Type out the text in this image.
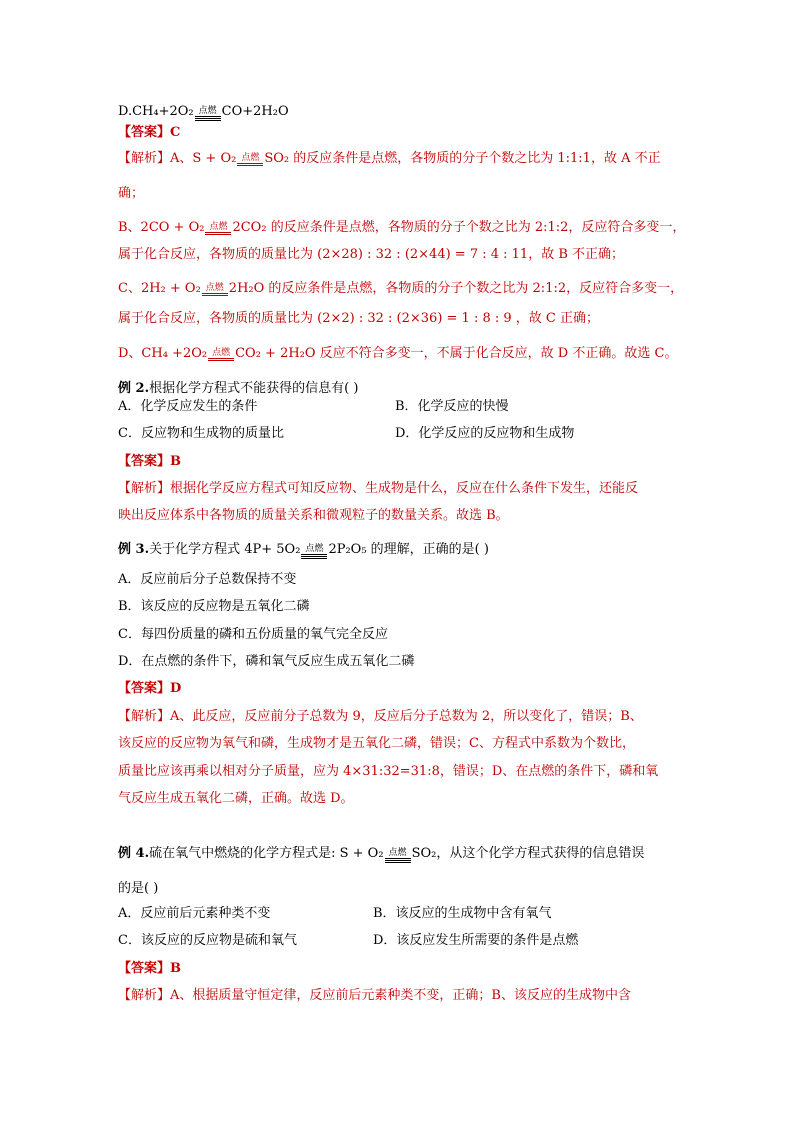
D.CH₄+2O₂ 点燃 CO+2H₂O
【答案】C
【解析】A、S + O₂ 点燃 SO₂ 的反应条件是点燃，各物质的分子个数之比为 1:1:1，故 A 不正
确；
B、2CO + O₂ 点燃 2CO₂ 的反应条件是点燃，各物质的分子个数之比为 2:1:2，反应符合多变一，
属于化合反应，各物质的质量比为 (2×28) : 32 : (2×44) = 7 : 4 : 11，故 B 不正确；
C、2H₂ + O₂ 点燃 2H₂O 的反应条件是点燃，各物质的分子个数之比为 2:1:2，反应符合多变一，
属于化合反应，各物质的质量比为 (2×2) : 32 : (2×36) = 1 : 8 : 9 ，故 C 正确；
D、CH₄ +2O₂ 点燃 CO₂ + 2H₂O 反应不符合多变一，不属于化合反应，故 D 不正确。故选 C。
例 2.根据化学方程式不能获得的信息有( )
A．化学反应发生的条件	B．化学反应的快慢
C．反应物和生成物的质量比	D．化学反应的反应物和生成物
【答案】B
【解析】根据化学反应方程式可知反应物、生成物是什么，反应在什么条件下发生，还能反
映出反应体系中各物质的质量关系和微观粒子的数量关系。故选 B。
例 3.关于化学方程式 4P+ 5O₂ 点燃 2P₂O₅ 的理解，正确的是( )
A．反应前后分子总数保持不变
B．该反应的反应物是五氧化二磷
C．每四份质量的磷和五份质量的氧气完全反应
D．在点燃的条件下，磷和氧气反应生成五氧化二磷
【答案】D
【解析】A、此反应，反应前分子总数为 9，反应后分子总数为 2，所以变化了，错误；B、
该反应的反应物为氧气和磷，生成物才是五氧化二磷，错误；C、方程式中系数为个数比，
质量比应该再乘以相对分子质量，应为 4×31:32=31:8，错误；D、在点燃的条件下，磷和氧
气反应生成五氧化二磷，正确。故选 D。
例 4.硫在氧气中燃烧的化学方程式是: S + O₂ 点燃 SO₂，从这个化学方程式获得的信息错误
的是( )
A．反应前后元素种类不变	B．该反应的生成物中含有氧气
C．该反应的反应物是硫和氧气	D．该反应发生所需要的条件是点燃
【答案】B
【解析】A、根据质量守恒定律，反应前后元素种类不变，正确；B、该反应的生成物中含
